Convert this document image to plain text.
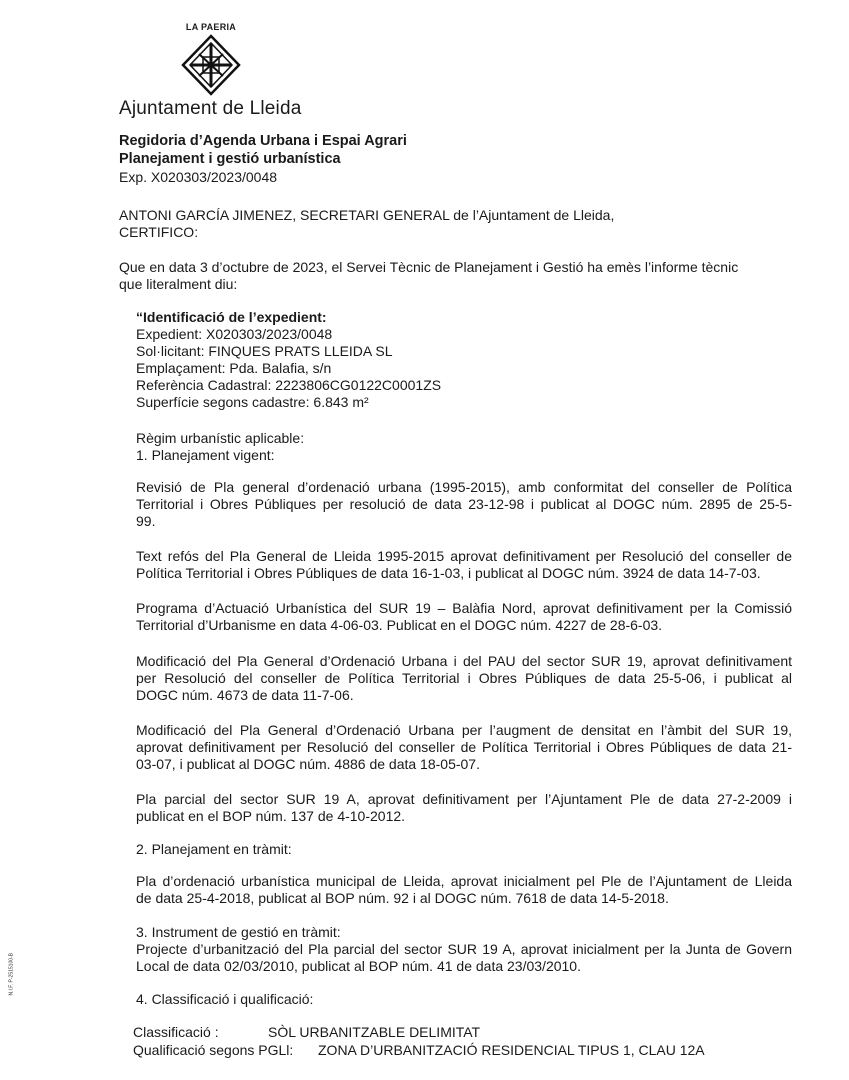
LA PAERIA
Ajuntament de Lleida
Regidoria d’Agenda Urbana i Espai Agrari
Planejament i gestió urbanística
Exp. X020303/2023/0048
ANTONI GARCÍA JIMENEZ, SECRETARI GENERAL de l’Ajuntament de Lleida,
CERTIFICO:
Que en data 3 d’octubre de 2023, el Servei Tècnic de Planejament i Gestió ha emès l’informe tècnic
que literalment diu:
“Identificació de l’expedient:
Expedient: X020303/2023/0048
Sol·licitant: FINQUES PRATS LLEIDA SL
Emplaçament: Pda. Balafia, s/n
Referència Cadastral: 2223806CG0122C0001ZS
Superfície segons cadastre: 6.843 m²
Règim urbanístic aplicable:
1. Planejament vigent:
Revisió de Pla general d’ordenació urbana (1995-2015), amb conformitat del conseller de Política
Territorial i Obres Públiques per resolució de data 23-12-98 i publicat al DOGC núm. 2895 de 25-5-
99.
Text refós del Pla General de Lleida 1995-2015 aprovat definitivament per Resolució del conseller de
Política Territorial i Obres Públiques de data 16-1-03, i publicat al DOGC núm. 3924 de data 14-7-03.
Programa d’Actuació Urbanística del SUR 19 – Balàfia Nord, aprovat definitivament per la Comissió
Territorial d’Urbanisme en data 4-06-03. Publicat en el DOGC núm. 4227 de 28-6-03.
Modificació del Pla General d’Ordenació Urbana i del PAU del sector SUR 19, aprovat definitivament
per Resolució del conseller de Política Territorial i Obres Públiques de data 25-5-06, i publicat al
DOGC núm. 4673 de data 11-7-06.
Modificació del Pla General d’Ordenació Urbana per l’augment de densitat en l’àmbit del SUR 19,
aprovat definitivament per Resolució del conseller de Política Territorial i Obres Públiques de data 21-
03-07, i publicat al DOGC núm. 4886 de data 18-05-07.
Pla parcial del sector SUR 19 A, aprovat definitivament per l’Ajuntament Ple de data 27-2-2009 i
publicat en el BOP núm. 137 de 4-10-2012.
2. Planejament en tràmit:
Pla d’ordenació urbanística municipal de Lleida, aprovat inicialment pel Ple de l’Ajuntament de Lleida
de data 25-4-2018, publicat al BOP núm. 92 i al DOGC núm. 7618 de data 14-5-2018.
3. Instrument de gestió en tràmit:
Projecte d’urbanització del Pla parcial del sector SUR 19 A, aprovat inicialment per la Junta de Govern
Local de data 02/03/2010, publicat al BOP núm. 41 de data 23/03/2010.
4. Classificació i qualificació:
Classificació :	SÒL URBANITZABLE DELIMITAT
Qualificació segons PGLl: ZONA D’URBANITZACIÓ RESIDENCIAL TIPUS 1, CLAU 12A
N.I.F. P-2515100-B
